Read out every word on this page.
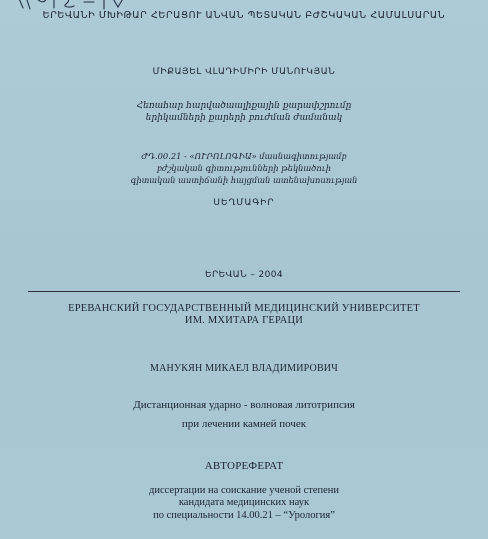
ԵՐԵՎԱՆԻ ՄԽԻԹԱՐ ՀԵՐԱՑՈՒ ԱՆՎԱՆ ՊԵՏԱԿԱՆ ԲԺՇԿԱԿԱՆ ՀԱՄԱԼՍԱՐԱՆ
ՄԻՔԱՅԵԼ ՎԼԱԴԻՄԻՐԻ ՄԱՆՈՒԿՅԱՆ
Հեռահար հարվածաալիքային քարափշրումը
երիկամների քարերի բուժման ժամանակ
ԺԴ.00.21 - «ՈՒՐՈԼՈԳԻԱ» մասնագիտությամբ
բժշկական գիտությունների թեկնածուի
գիտական աստիճանի հայցման ատենախոսության
ՍԵՂՄԱԳԻՐ
ԵՐԵՎԱՆ – 2004
ЕРЕВАНСКИЙ ГОСУДАРСТВЕННЫЙ МЕДИЦИНСКИЙ УНИВЕРСИТЕТ
ИМ. МХИТАРА ГЕРАЦИ
МАНУКЯН МИКАЕЛ ВЛАДИМИРОВИЧ
Дистанционная ударно - волновая литотрипсия
при лечении камней почек
АВТОРЕФЕРАТ
диссертации на соискание ученой степени
кандидата медицинских наук
по специальности 14.00.21 – “Урология”
